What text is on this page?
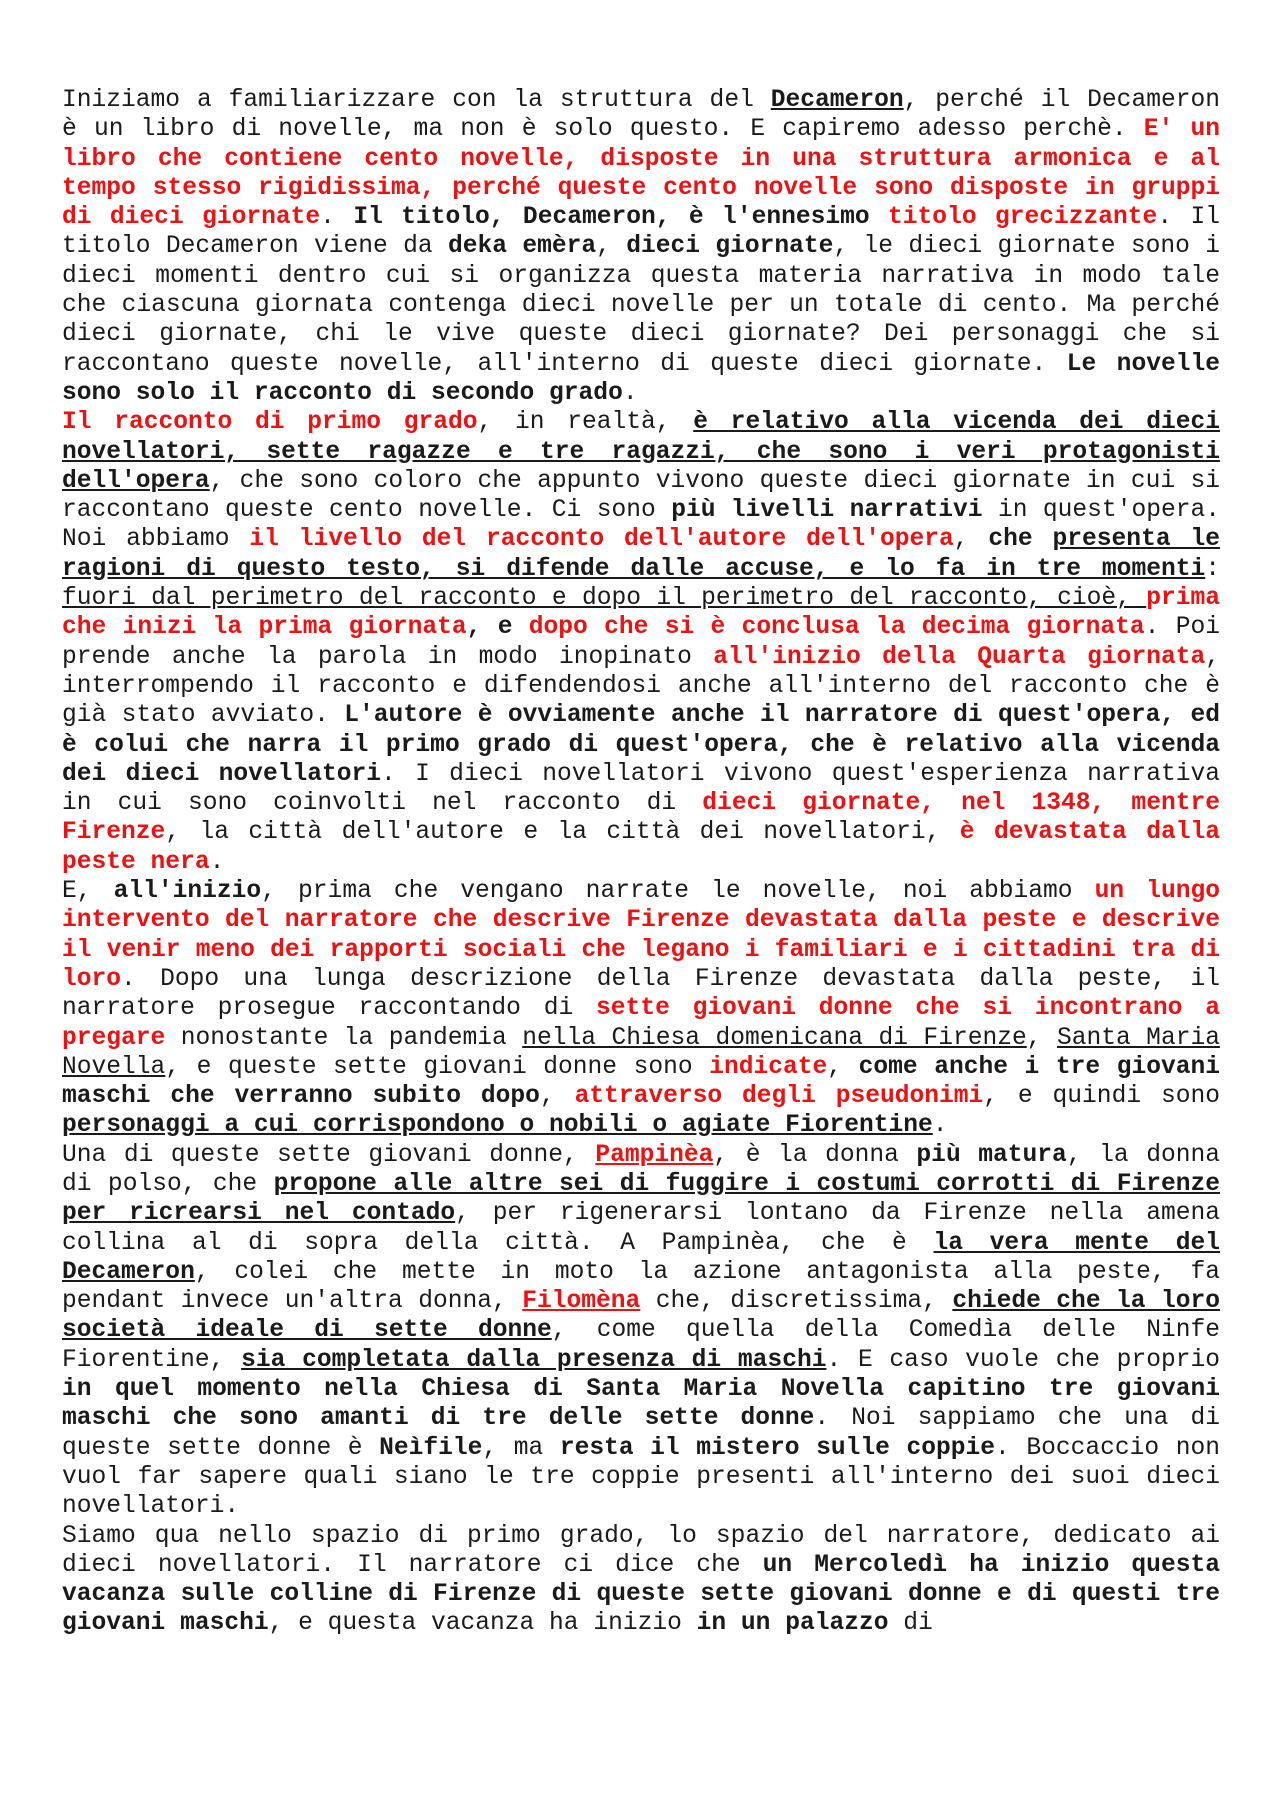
Iniziamo a familiarizzare con la struttura del Decameron, perché il Decameron è un libro di novelle, ma non è solo questo. E capiremo adesso perchè. E' un libro che contiene cento novelle, disposte in una struttura armonica e al tempo stesso rigidissima, perché queste cento novelle sono disposte in gruppi di dieci giornate. Il titolo, Decameron, è l'ennesimo titolo grecizzante. Il titolo Decameron viene da deka emèra, dieci giornate, le dieci giornate sono i dieci momenti dentro cui si organizza questa materia narrativa in modo tale che ciascuna giornata contenga dieci novelle per un totale di cento. Ma perché dieci giornate, chi le vive queste dieci giornate? Dei personaggi che si raccontano queste novelle, all'interno di queste dieci giornate. Le novelle sono solo il racconto di secondo grado.

Il racconto di primo grado, in realtà, è relativo alla vicenda dei dieci novellatori, sette ragazze e tre ragazzi, che sono i veri protagonisti dell'opera, che sono coloro che appunto vivono queste dieci giornate in cui si raccontano queste cento novelle. Ci sono più livelli narrativi in quest'opera. Noi abbiamo il livello del racconto dell'autore dell'opera, che presenta le ragioni di questo testo, si difende dalle accuse, e lo fa in tre momenti: fuori dal perimetro del racconto e dopo il perimetro del racconto, cioè, prima che inizi la prima giornata, e dopo che si è conclusa la decima giornata. Poi prende anche la parola in modo inopinato all'inizio della Quarta giornata, interrompendo il racconto e difendendosi anche all'interno del racconto che è già stato avviato. L'autore è ovviamente anche il narratore di quest'opera, ed è colui che narra il primo grado di quest'opera, che è relativo alla vicenda dei dieci novellatori. I dieci novellatori vivono quest'esperienza narrativa in cui sono coinvolti nel racconto di dieci giornate, nel 1348, mentre Firenze, la città dell'autore e la città dei novellatori, è devastata dalla peste nera.

E, all'inizio, prima che vengano narrate le novelle, noi abbiamo un lungo intervento del narratore che descrive Firenze devastata dalla peste e descrive il venir meno dei rapporti sociali che legano i familiari e i cittadini tra di loro. Dopo una lunga descrizione della Firenze devastata dalla peste, il narratore prosegue raccontando di sette giovani donne che si incontrano a pregare nonostante la pandemia nella Chiesa domenicana di Firenze, Santa Maria Novella, e queste sette giovani donne sono indicate, come anche i tre giovani maschi che verranno subito dopo, attraverso degli pseudonimi, e quindi sono personaggi a cui corrispondono o nobili o agiate Fiorentine.

Una di queste sette giovani donne, Pampinèa, è la donna più matura, la donna di polso, che propone alle altre sei di fuggire i costumi corrotti di Firenze per ricrearsi nel contado, per rigenerarsi lontano da Firenze nella amena collina al di sopra della città. A Pampinèa, che è la vera mente del Decameron, colei che mette in moto la azione antagonista alla peste, fa pendant invece un'altra donna, Filomèna che, discretissima, chiede che la loro società ideale di sette donne, come quella della Comedìa delle Ninfe Fiorentine, sia completata dalla presenza di maschi. E caso vuole che proprio in quel momento nella Chiesa di Santa Maria Novella capitino tre giovani maschi che sono amanti di tre delle sette donne. Noi sappiamo che una di queste sette donne è Neìfile, ma resta il mistero sulle coppie. Boccaccio non vuol far sapere quali siano le tre coppie presenti all'interno dei suoi dieci novellatori.

Siamo qua nello spazio di primo grado, lo spazio del narratore, dedicato ai dieci novellatori. Il narratore ci dice che un Mercoledì ha inizio questa vacanza sulle colline di Firenze di queste sette giovani donne e di questi tre giovani maschi, e questa vacanza ha inizio in un palazzo di
